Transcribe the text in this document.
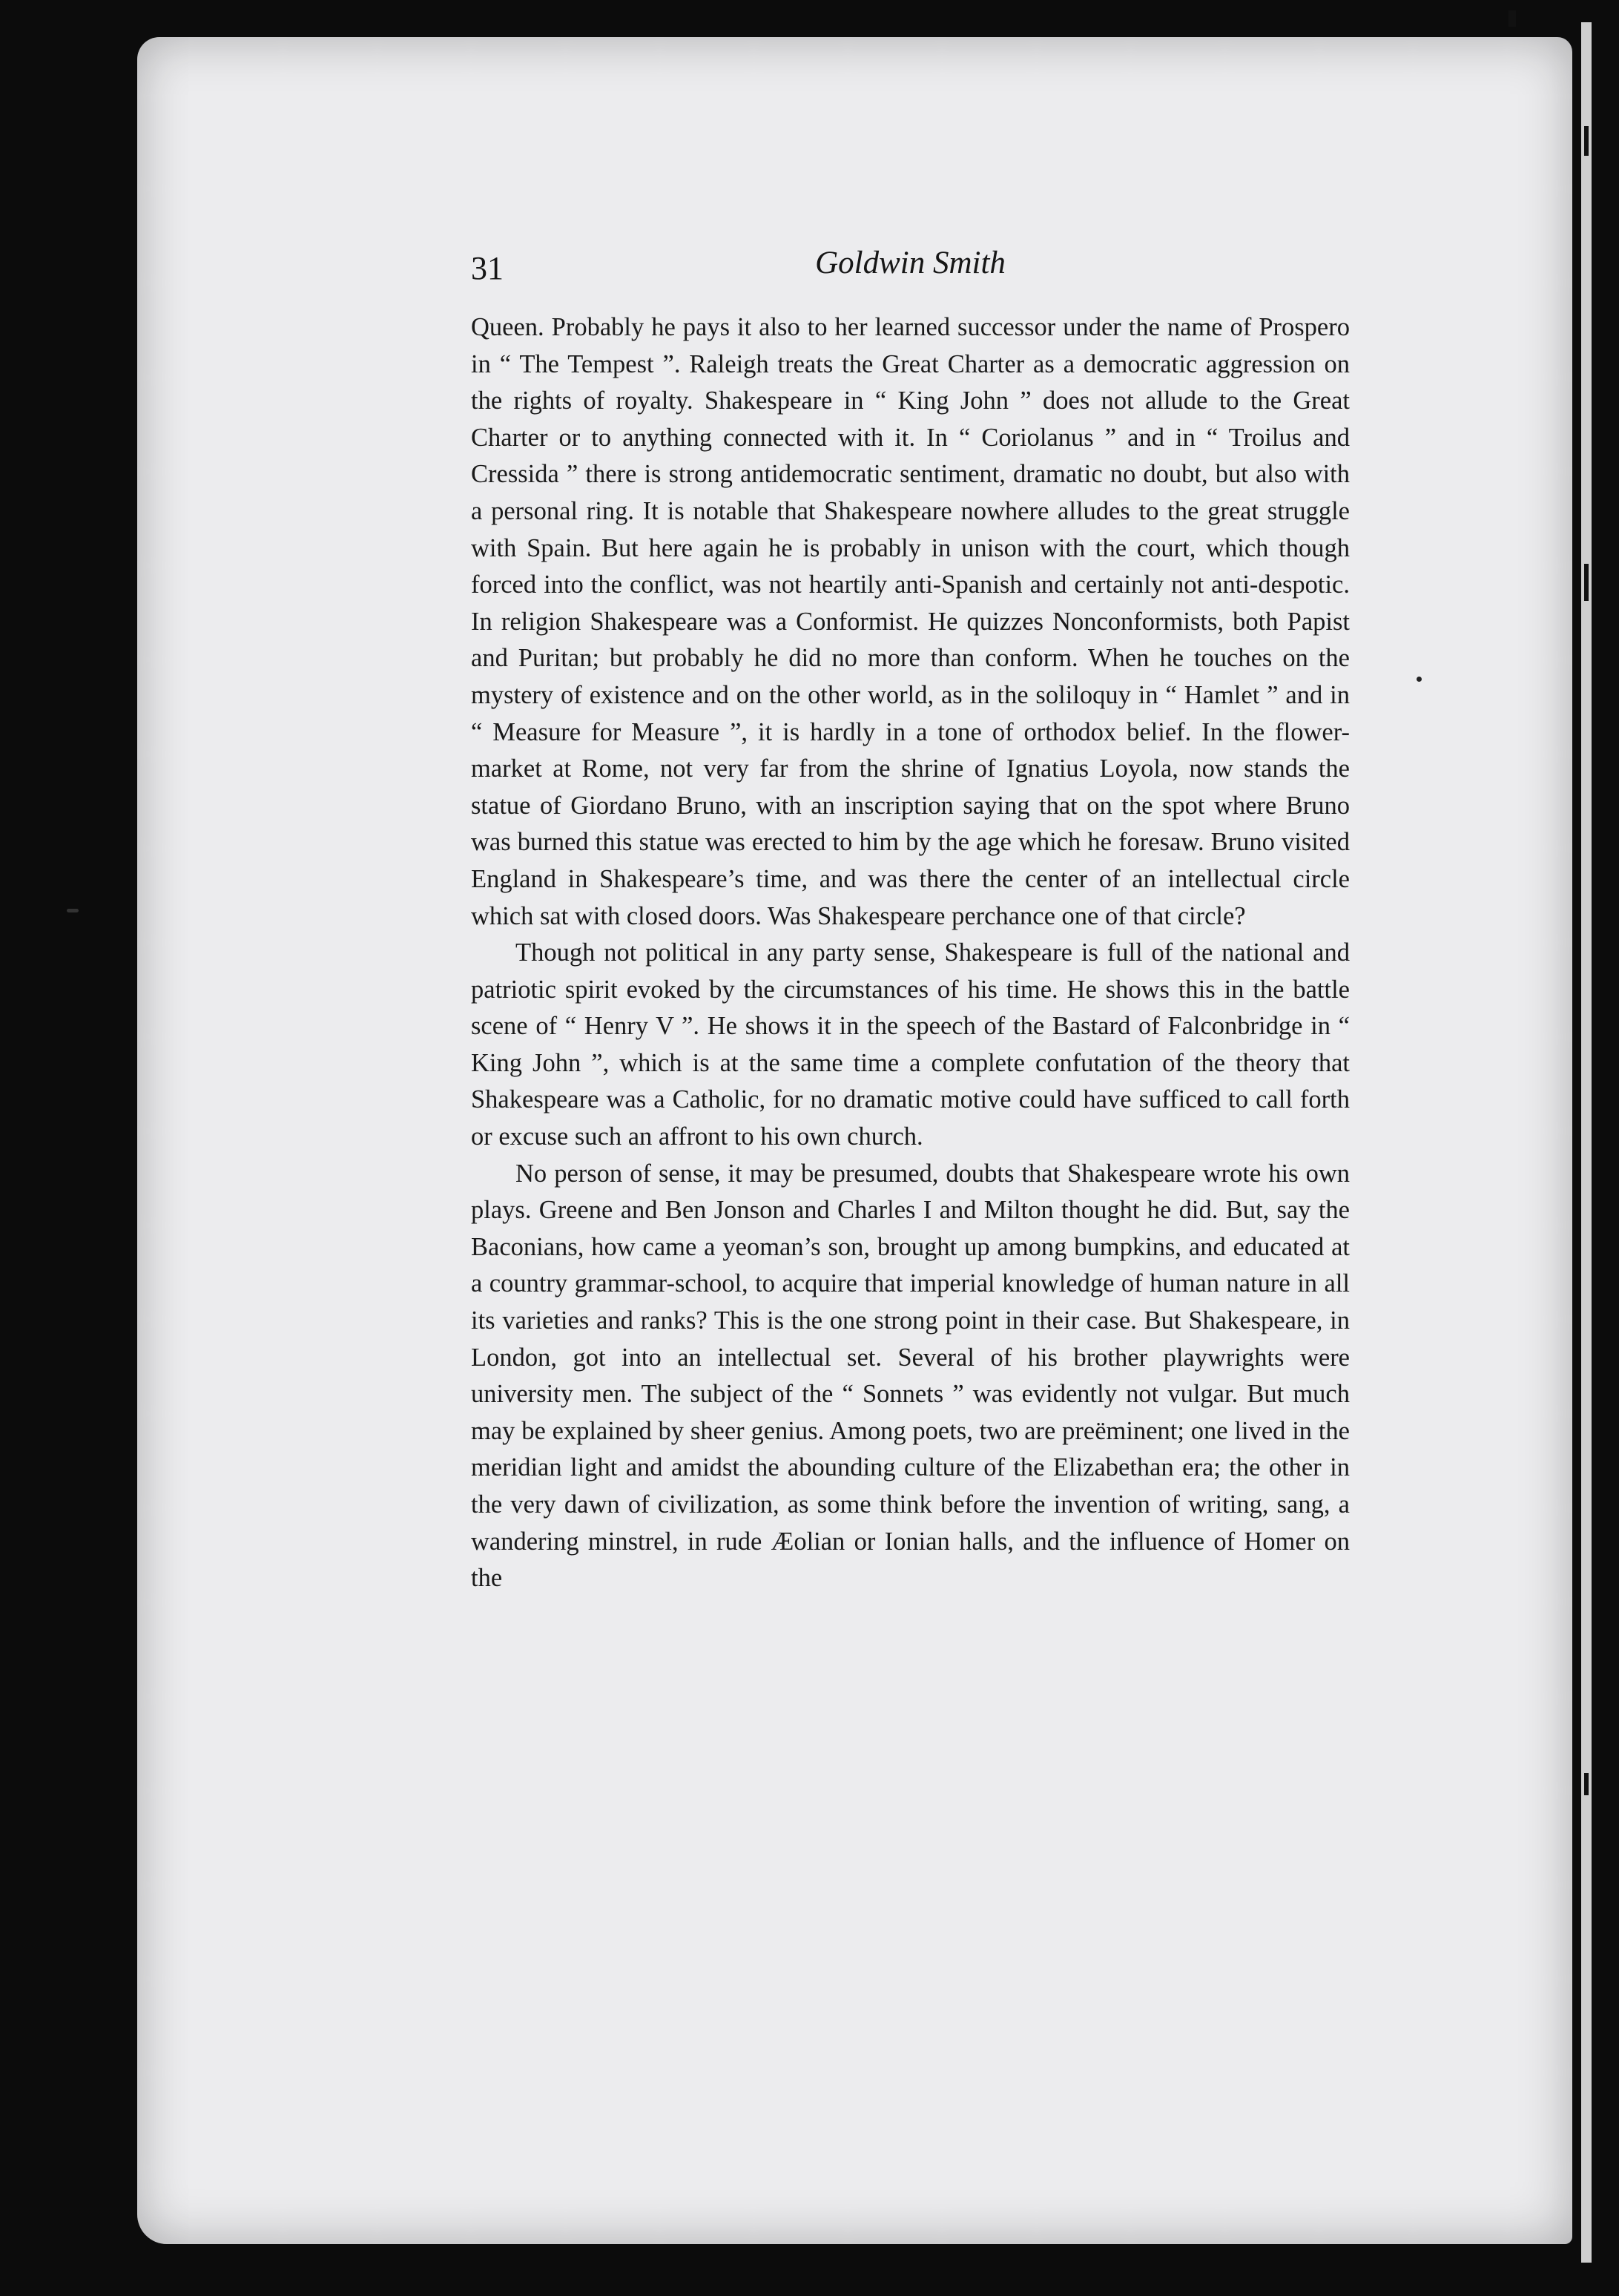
31	Goldwin Smith

Queen. Probably he pays it also to her learned successor under the name of Prospero in “ The Tempest ”. Raleigh treats the Great Charter as a democratic aggression on the rights of royalty. Shakespeare in “ King John ” does not allude to the Great Charter or to anything connected with it. In “ Coriolanus ” and in “ Troilus and Cressida ” there is strong antidemocratic sentiment, dramatic no doubt, but also with a personal ring. It is notable that Shakespeare nowhere alludes to the great struggle with Spain. But here again he is probably in unison with the court, which though forced into the conflict, was not heartily anti-Spanish and certainly not anti-despotic. In religion Shakespeare was a Conformist. He quizzes Nonconformists, both Papist and Puritan; but probably he did no more than conform. When he touches on the mystery of existence and on the other world, as in the soliloquy in “ Hamlet ” and in “ Measure for Measure ”, it is hardly in a tone of orthodox belief. In the flower-market at Rome, not very far from the shrine of Ignatius Loyola, now stands the statue of Giordano Bruno, with an inscription saying that on the spot where Bruno was burned this statue was erected to him by the age which he foresaw. Bruno visited England in Shakespeare’s time, and was there the center of an intellectual circle which sat with closed doors. Was Shakespeare perchance one of that circle?

Though not political in any party sense, Shakespeare is full of the national and patriotic spirit evoked by the circumstances of his time. He shows this in the battle scene of “ Henry V ”. He shows it in the speech of the Bastard of Falconbridge in “ King John ”, which is at the same time a complete confutation of the theory that Shakespeare was a Catholic, for no dramatic motive could have sufficed to call forth or excuse such an affront to his own church.

No person of sense, it may be presumed, doubts that Shakespeare wrote his own plays. Greene and Ben Jonson and Charles I and Milton thought he did. But, say the Baconians, how came a yeoman’s son, brought up among bumpkins, and educated at a country grammar-school, to acquire that imperial knowledge of human nature in all its varieties and ranks? This is the one strong point in their case. But Shakespeare, in London, got into an intellectual set. Several of his brother playwrights were university men. The subject of the “ Sonnets ” was evidently not vulgar. But much may be explained by sheer genius. Among poets, two are preëminent; one lived in the meridian light and amidst the abounding culture of the Elizabethan era; the other in the very dawn of civilization, as some think before the invention of writing, sang, a wandering minstrel, in rude Æolian or Ionian halls, and the influence of Homer on the
